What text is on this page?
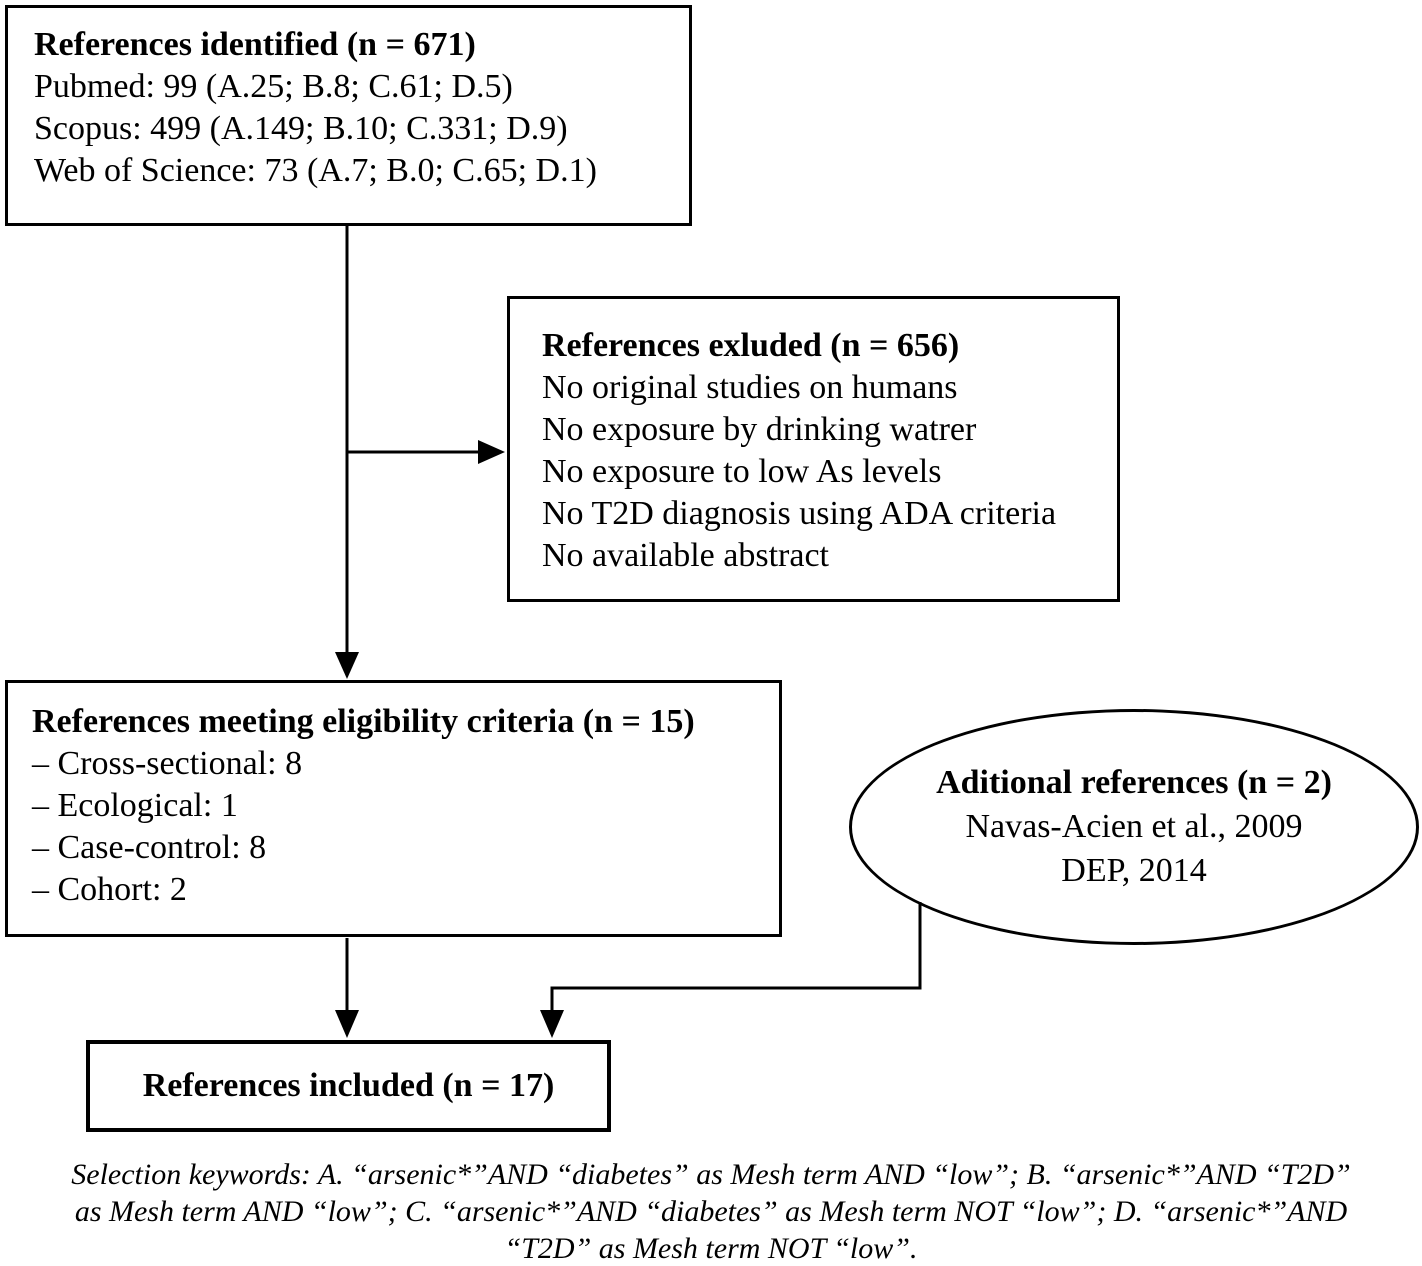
References identified (n = 671)
Pubmed: 99 (A.25; B.8; C.61; D.5)
Scopus: 499 (A.149; B.10; C.331; D.9)
Web of Science: 73 (A.7; B.0; C.65; D.1)
References exluded (n = 656)
No original studies on humans
No exposure by drinking watrer
No exposure to low As levels
No T2D diagnosis using ADA criteria
No available abstract
References meeting eligibility criteria (n = 15)
– Cross-sectional: 8
– Ecological: 1
– Case-control: 8
– Cohort: 2
Aditional references (n = 2)
Navas-Acien et al., 2009
DEP, 2014
References included (n = 17)
Selection keywords: A. “arsenic*”AND “diabetes” as Mesh term AND “low”; B. “arsenic*”AND “T2D”
as Mesh term AND “low”; C. “arsenic*”AND “diabetes” as Mesh term NOT “low”; D. “arsenic*”AND
“T2D” as Mesh term NOT “low”.
